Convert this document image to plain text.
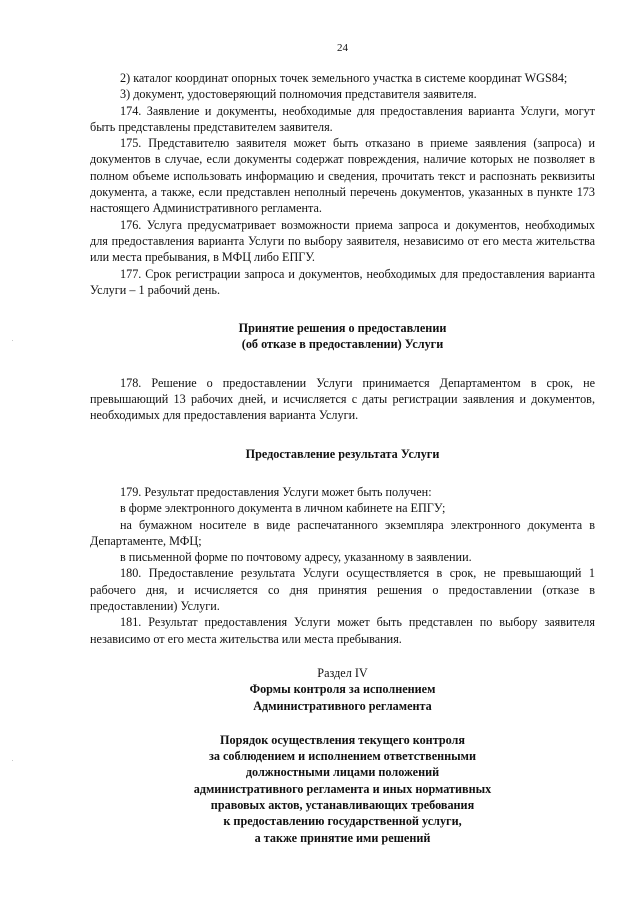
24

2) каталог координат опорных точек земельного участка в системе координат WGS84;

3) документ, удостоверяющий полномочия представителя заявителя.

174. Заявление и документы, необходимые для предоставления варианта Услуги, могут быть представлены представителем заявителя.

175. Представителю заявителя может быть отказано в приеме заявления (запроса) и документов в случае, если документы содержат повреждения, наличие которых не позволяет в полном объеме использовать информацию и сведения, прочитать текст и распознать реквизиты документа, а также, если представлен неполный перечень документов, указанных в пункте 173 настоящего Административного регламента.

176. Услуга предусматривает возможности приема запроса и документов, необходимых для предоставления варианта Услуги по выбору заявителя, независимо от его места жительства или места пребывания, в МФЦ либо ЕПГУ.

177. Срок регистрации запроса и документов, необходимых для предоставления варианта Услуги – 1 рабочий день.

Принятие решения о предоставлении

(об отказе в предоставлении) Услуги

178. Решение о предоставлении Услуги принимается Департаментом в срок, не превышающий 13 рабочих дней, и исчисляется с даты регистрации заявления и документов, необходимых для предоставления варианта Услуги.

Предоставление результата Услуги

179. Результат предоставления Услуги может быть получен:

в форме электронного документа в личном кабинете на ЕПГУ;

на бумажном носителе в виде распечатанного экземпляра электронного документа в Департаменте, МФЦ;

в письменной форме по почтовому адресу, указанному в заявлении.

180. Предоставление результата Услуги осуществляется в срок, не превышающий 1 рабочего дня, и исчисляется со дня принятия решения о предоставлении (отказе в предоставлении) Услуги.

181. Результат предоставления Услуги может быть представлен по выбору заявителя независимо от его места жительства или места пребывания.

Раздел IV

Формы контроля за исполнением

Административного регламента

Порядок осуществления текущего контроля

за соблюдением и исполнением ответственными

должностными лицами положений

административного регламента и иных нормативных

правовых актов, устанавливающих требования

к предоставлению государственной услуги,

а также принятие ими решений
